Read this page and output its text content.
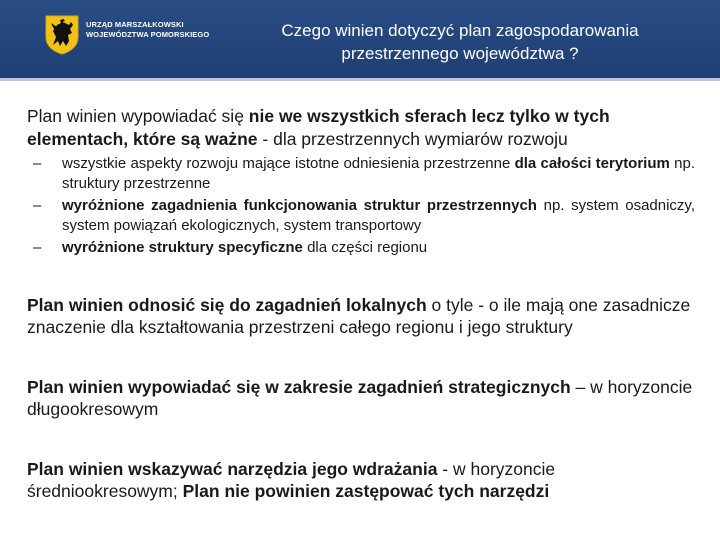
URZĄD MARSZAŁKOWSKI
WOJEWÓDZTWA POMORSKIEGO	Czego winien dotyczyć plan zagospodarowania
przestrzennego województwa ?

Plan winien wypowiadać się nie we wszystkich sferach lecz tylko w tych elementach, które są ważne - dla przestrzennych wymiarów rozwoju

– wszystkie aspekty rozwoju mające istotne odniesienia przestrzenne dla całości terytorium np. struktury przestrzenne
– wyróżnione zagadnienia funkcjonowania struktur przestrzennych np. system osadniczy, system powiązań ekologicznych, system transportowy
– wyróżnione struktury specyficzne dla części regionu

Plan winien odnosić się do zagadnień lokalnych o tyle - o ile mają one zasadnicze znaczenie dla kształtowania przestrzeni całego regionu i jego struktury

Plan winien wypowiadać się w zakresie zagadnień strategicznych – w horyzoncie długookresowym

Plan winien wskazywać narzędzia jego wdrażania - w horyzoncie średniookresowym; Plan nie powinien zastępować tych narzędzi
